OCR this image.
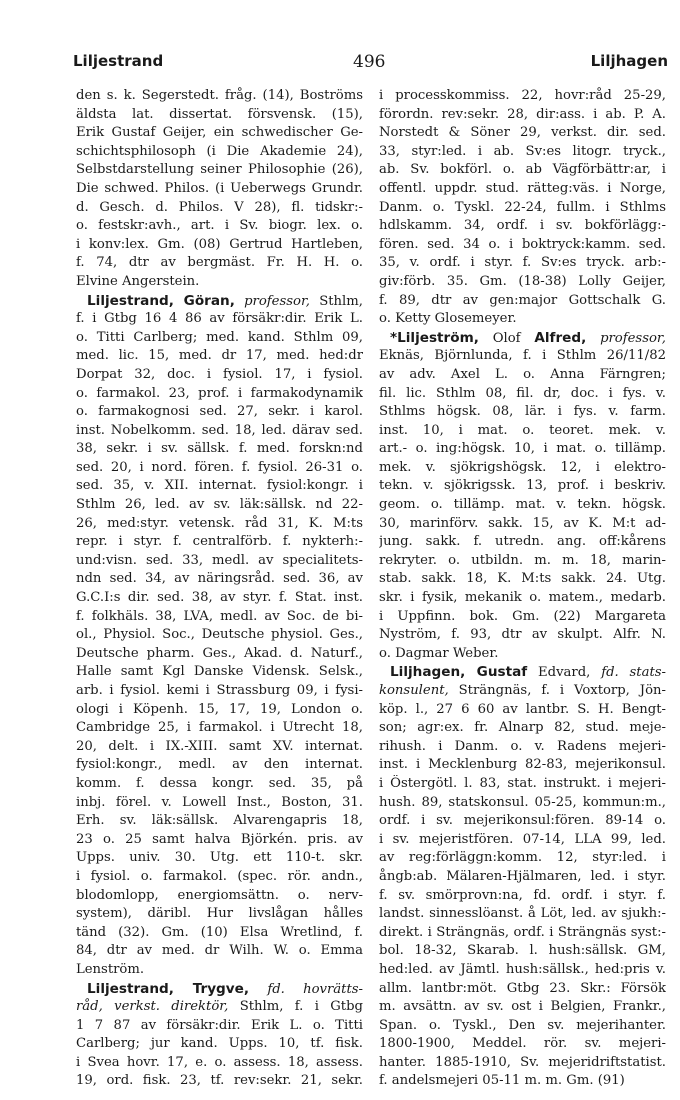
Liljestrand	496	Liljhagen
den s. k. Segerstedt. fråg. (14), Boströms
äldsta lat. dissertat. försvensk. (15),
Erik Gustaf Geijer, ein schwedischer Ge-
schichtsphilosoph (i Die Akademie 24),
Selbstdarstellung seiner Philosophie (26),
Die schwed. Philos. (i Ueberwegs Grundr.
d. Gesch. d. Philos. V 28), fl. tidskr:-
o. festskr:avh., art. i Sv. biogr. lex. o.
i konv:lex. Gm. (08) Gertrud Hartleben,
f. 74, dtr av bergmäst. Fr. H. H. o.
Elvine Angerstein.
Liljestrand, Göran, professor, Sthlm,
f. i Gtbg 16 4 86 av försäkr:dir. Erik L.
o. Titti Carlberg; med. kand. Sthlm 09,
med. lic. 15, med. dr 17, med. hed:dr
Dorpat 32, doc. i fysiol. 17, i fysiol.
o. farmakol. 23, prof. i farmakodynamik
o. farmakognosi sed. 27, sekr. i karol.
inst. Nobelkomm. sed. 18, led. därav sed.
38, sekr. i sv. sällsk. f. med. forskn:nd
sed. 20, i nord. fören. f. fysiol. 26-31 o.
sed. 35, v. XII. internat. fysiol:kongr. i
Sthlm 26, led. av sv. läk:sällsk. nd 22-
26, med:styr. vetensk. råd 31, K. M:ts
repr. i styr. f. centralförb. f. nykterh:-
und:visn. sed. 33, medl. av specialitets-
ndn sed. 34, av näringsråd. sed. 36, av
G.C.I:s dir. sed. 38, av styr. f. Stat. inst.
f. folkhäls. 38, LVA, medl. av Soc. de bi-
ol., Physiol. Soc., Deutsche physiol. Ges.,
Deutsche pharm. Ges., Akad. d. Naturf.,
Halle samt Kgl Danske Vidensk. Selsk.,
arb. i fysiol. kemi i Strassburg 09, i fysi-
ologi i Köpenh. 15, 17, 19, London o.
Cambridge 25, i farmakol. i Utrecht 18,
20, delt. i IX.-XIII. samt XV. internat.
fysiol:kongr., medl. av den internat.
komm. f. dessa kongr. sed. 35, på
inbj. förel. v. Lowell Inst., Boston, 31.
Erh. sv. läk:sällsk. Alvarengapris 18,
23 o. 25 samt halva Björkén. pris. av
Upps. univ. 30. Utg. ett 110-t. skr.
i fysiol. o. farmakol. (spec. rör. andn.,
blodomlopp, energiomsättn. o. nerv-
system), däribl. Hur livslågan hålles
tänd (32). Gm. (10) Elsa Wretlind, f.
84, dtr av med. dr Wilh. W. o. Emma
Lenström.
Liljestrand, Trygve, fd. hovrätts-
råd, verkst. direktör, Sthlm, f. i Gtbg
1 7 87 av försäkr:dir. Erik L. o. Titti
Carlberg; jur kand. Upps. 10, tf. fisk.
i Svea hovr. 17, e. o. assess. 18, assess.
19, ord. fisk. 23, tf. rev:sekr. 21, sekr.
i processkommiss. 22, hovr:råd 25-29,
förordn. rev:sekr. 28, dir:ass. i ab. P. A.
Norstedt & Söner 29, verkst. dir. sed.
33, styr:led. i ab. Sv:es litogr. tryck.,
ab. Sv. bokförl. o. ab Vägförbättr:ar, i
offentl. uppdr. stud. rätteg:väs. i Norge,
Danm. o. Tyskl. 22-24, fullm. i Sthlms
hdlskamm. 34, ordf. i sv. bokförlägg:-
fören. sed. 34 o. i boktryck:kamm. sed.
35, v. ordf. i styr. f. Sv:es tryck. arb:-
giv:förb. 35. Gm. (18-38) Lolly Geijer,
f. 89, dtr av gen:major Gottschalk G.
o. Ketty Glosemeyer.
*Liljeström, Olof Alfred, professor,
Eknäs, Björnlunda, f. i Sthlm 26/11/82
av adv. Axel L. o. Anna Färngren;
fil. lic. Sthlm 08, fil. dr, doc. i fys. v.
Sthlms högsk. 08, lär. i fys. v. farm.
inst. 10, i mat. o. teoret. mek. v.
art.- o. ing:högsk. 10, i mat. o. tillämp.
mek. v. sjökrigshögsk. 12, i elektro-
tekn. v. sjökrigssk. 13, prof. i beskriv.
geom. o. tillämp. mat. v. tekn. högsk.
30, marinförv. sakk. 15, av K. M:t ad-
jung. sakk. f. utredn. ang. off:kårens
rekryter. o. utbildn. m. m. 18, marin-
stab. sakk. 18, K. M:ts sakk. 24. Utg.
skr. i fysik, mekanik o. matem., medarb.
i Uppfinn. bok. Gm. (22) Margareta
Nyström, f. 93, dtr av skulpt. Alfr. N.
o. Dagmar Weber.
Liljhagen, Gustaf Edvard, fd. stats-
konsulent, Strängnäs, f. i Voxtorp, Jön-
köp. l., 27 6 60 av lantbr. S. H. Bengt-
son; agr:ex. fr. Alnarp 82, stud. meje-
rihush. i Danm. o. v. Radens mejeri-
inst. i Mecklenburg 82-83, mejerikonsul.
i Östergötl. l. 83, stat. instrukt. i mejeri-
hush. 89, statskonsul. 05-25, kommun:m.,
ordf. i sv. mejerikonsul:fören. 89-14 o.
i sv. mejeristfören. 07-14, LLA 99, led.
av reg:förläggn:komm. 12, styr:led. i
ångb:ab. Mälaren-Hjälmaren, led. i styr.
f. sv. smörprovn:na, fd. ordf. i styr. f.
landst. sinnesslöanst. å Löt, led. av sjukh:-
direkt. i Strängnäs, ordf. i Strängnäs syst:-
bol. 18-32, Skarab. l. hush:sällsk. GM,
hed:led. av Jämtl. hush:sällsk., hed:pris v.
allm. lantbr:möt. Gtbg 23. Skr.: Försök
m. avsättn. av sv. ost i Belgien, Frankr.,
Span. o. Tyskl., Den sv. mejerihanter.
1800-1900, Meddel. rör. sv. mejeri-
hanter. 1885-1910, Sv. mejeridriftstatist.
f. andelsmejeri 05-11 m. m. Gm. (91)
